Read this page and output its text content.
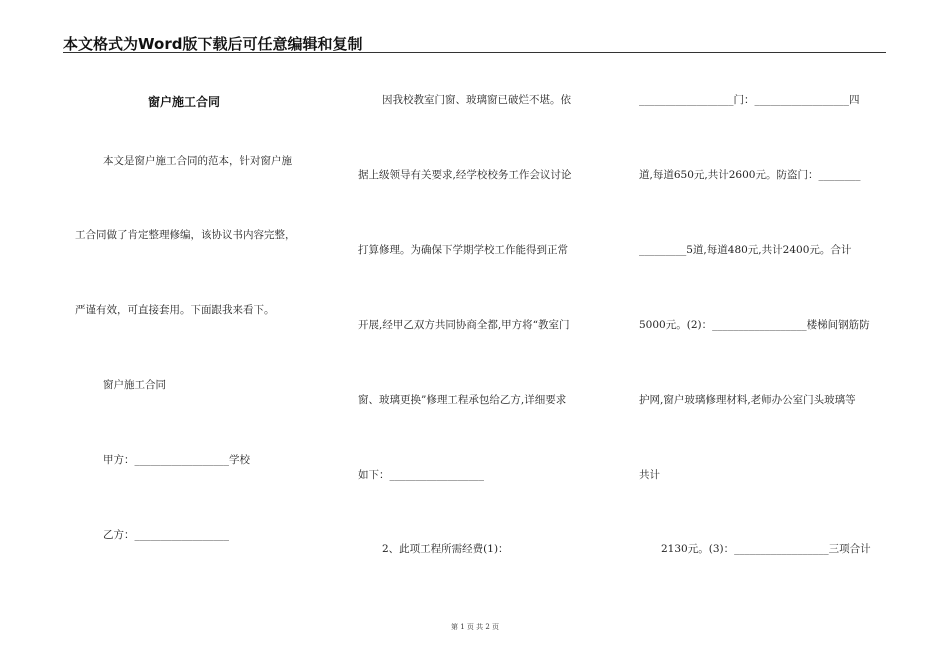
本文格式为Word版下载后可任意编辑和复制
窗户施工合同
本文是窗户施工合同的范本，针对窗户施
工合同做了肯定整理修编，该协议书内容完整，
严谨有效，可直接套用。下面跟我来看下。
窗户施工合同
甲方：__________________学校
乙方：__________________
因我校教室门窗、玻璃窗已破烂不堪。依
据上级领导有关要求,经学校校务工作会议讨论
打算修理。为确保下学期学校工作能得到正常
开展,经甲乙双方共同协商全都,甲方将“教室门
窗、玻璃更换”修理工程承包给乙方,详细要求
如下：__________________
2、此项工程所需经费(1)：
__________________门：__________________四
道,每道650元,共计2600元。防盗门：________
_________5道,每道480元,共计2400元。合计
5000元。(2)：__________________楼梯间钢筋防
护网,窗户玻璃修理材料,老师办公室门头玻璃等
共计
2130元。(3)：__________________三项合计
第 1 页 共 2 页
